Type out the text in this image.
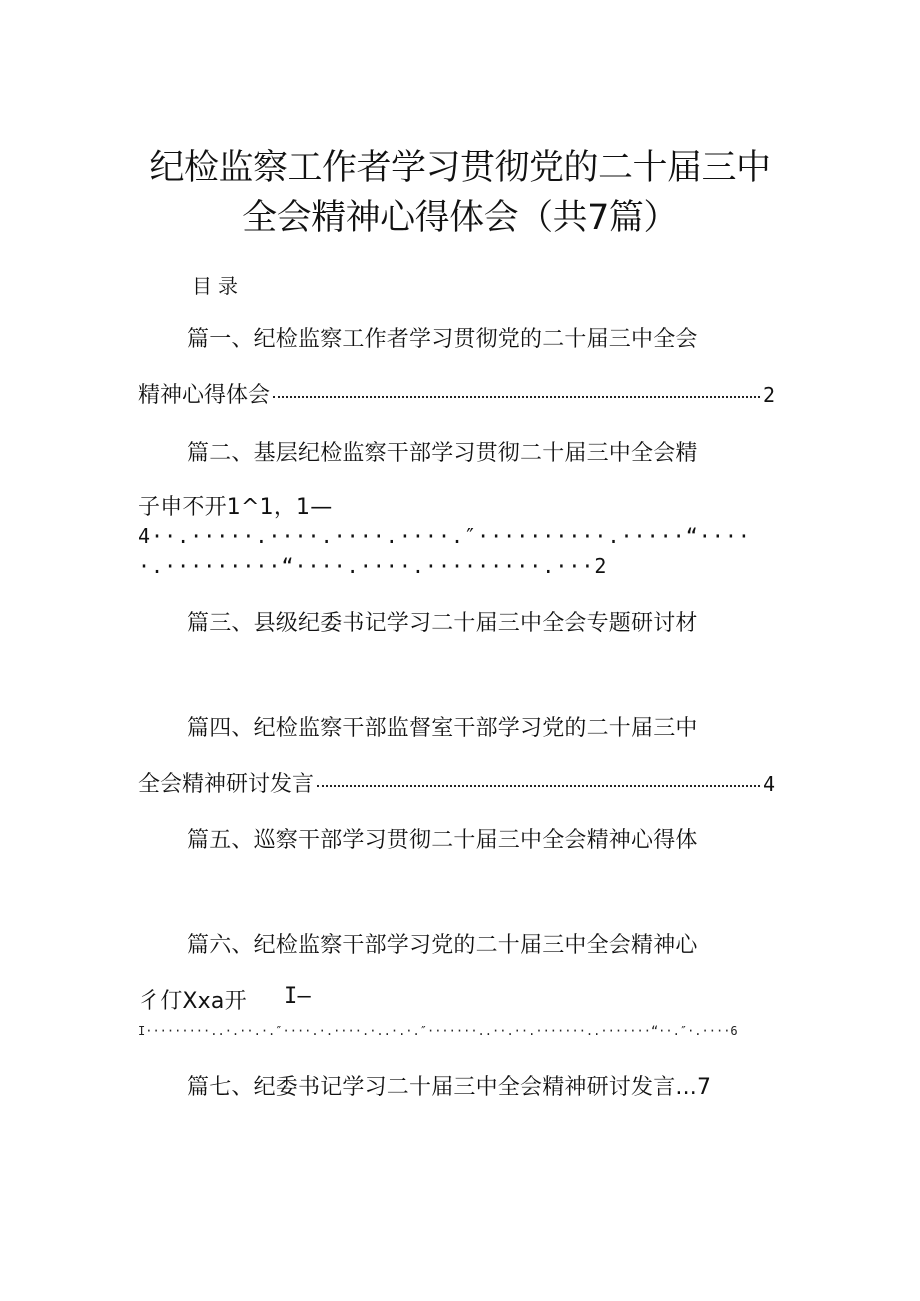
纪检监察工作者学习贯彻党的二十届三中
全会精神心得体会（共7篇）
目录
篇一、纪检监察工作者学习贯彻党的二十届三中全会
精神心得体会	2
篇二、基层纪检监察干部学习贯彻二十届三中全会精
子申不开1^1，1—
4··.·····.····.····.····.″··········.·····“····
·.·········“····.····.·········.···2
篇三、县级纪委书记学习二十届三中全会专题研讨材
篇四、纪检监察干部监督室干部学习党的二十届三中
全会精神研讨发言	4
篇五、巡察干部学习贯彻二十届三中全会精神心得体
篇六、纪检监察干部学习党的二十届三中全会精神心
彳仃Xxa开 I—
I·········..·.··.·.″····.·.····.·..·.·.″·······..··.··.·······..·······“··.″·.····6
篇七、纪委书记学习二十届三中全会精神研讨发言...7
